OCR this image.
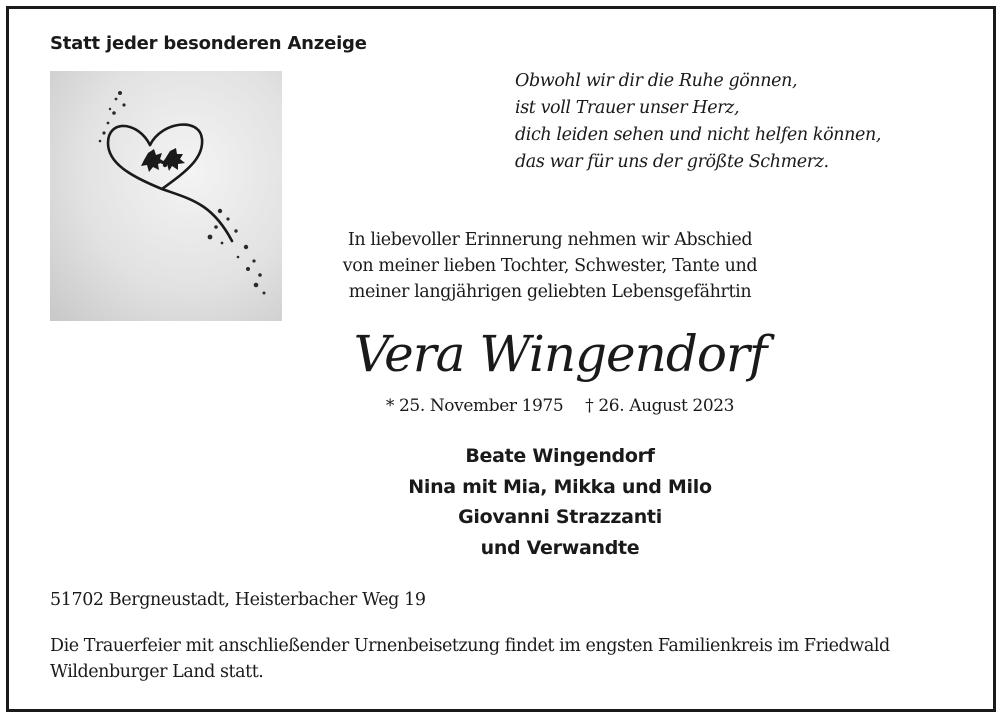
Statt jeder besonderen Anzeige
Obwohl wir dir die Ruhe gönnen,
ist voll Trauer unser Herz,
dich leiden sehen und nicht helfen können,
das war für uns der größte Schmerz.
In liebevoller Erinnerung nehmen wir Abschied
von meiner lieben Tochter, Schwester, Tante und
meiner langjährigen geliebten Lebensgefährtin
Vera Wingendorf
* 25. November 1975 † 26. August 2023
Beate Wingendorf
Nina mit Mia, Mikka und Milo
Giovanni Strazzanti
und Verwandte
51702 Bergneustadt, Heisterbacher Weg 19
Die Trauerfeier mit anschließender Urnenbeisetzung findet im engsten Familienkreis im Friedwald
Wildenburger Land statt.
